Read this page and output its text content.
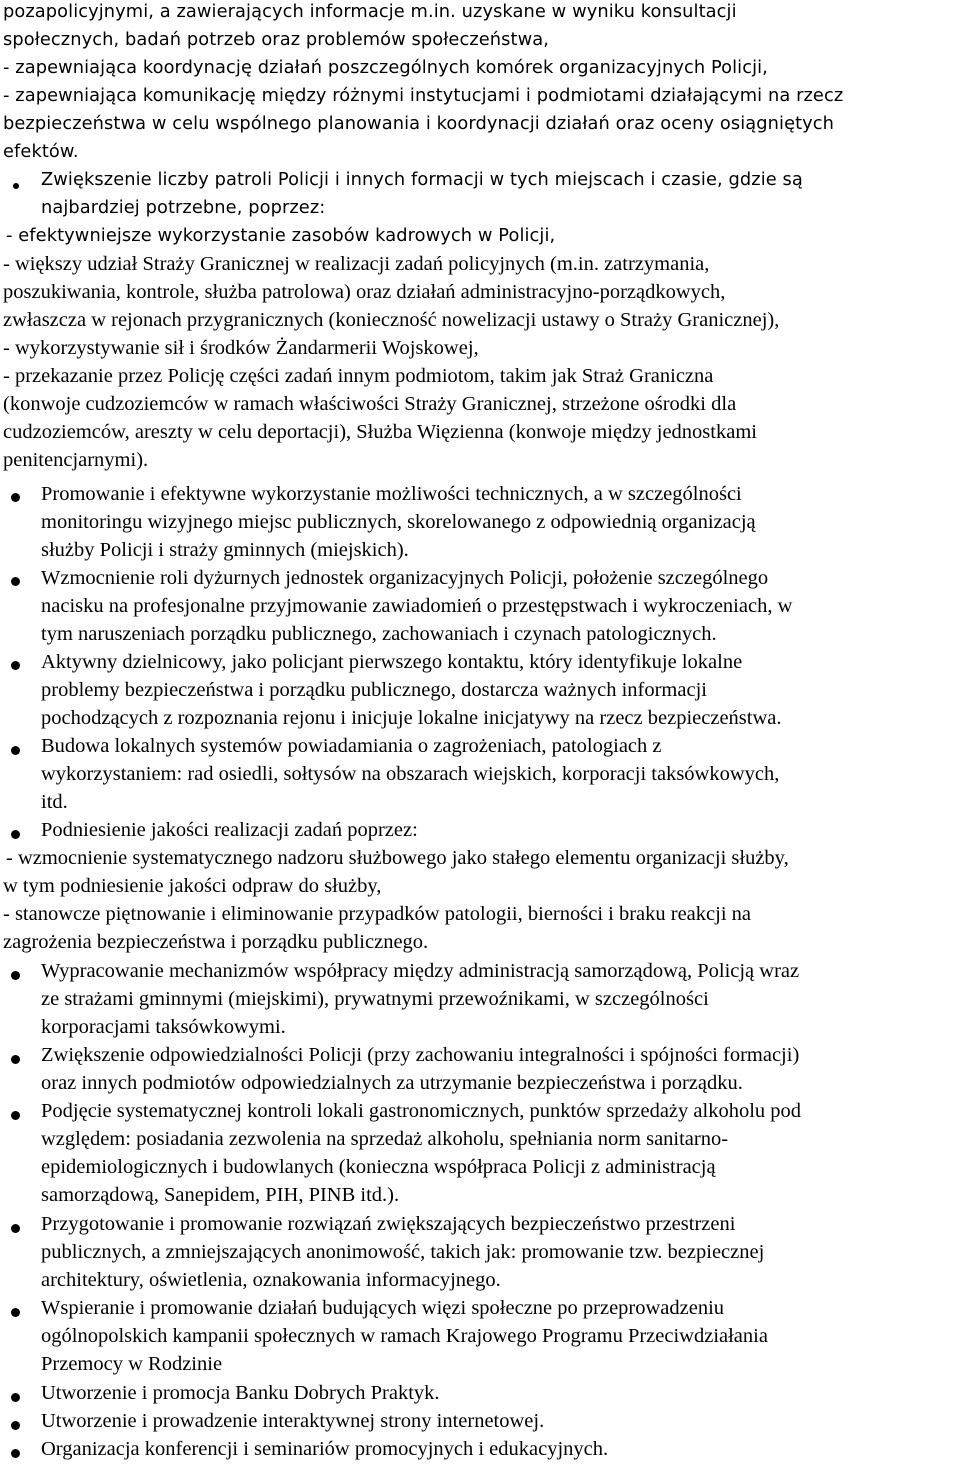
pozapolicyjnymi, a zawierających informacje m.in. uzyskane w wyniku konsultacji
społecznych, badań potrzeb oraz problemów społeczeństwa,
- zapewniająca koordynację działań poszczególnych komórek organizacyjnych Policji,
- zapewniająca komunikację między różnymi instytucjami i podmiotami działającymi na rzecz
bezpieczeństwa w celu wspólnego planowania i koordynacji działań oraz oceny osiągniętych
efektów.
Zwiększenie liczby patroli Policji i innych formacji w tych miejscach i czasie, gdzie są
najbardziej potrzebne, poprzez:
- efektywniejsze wykorzystanie zasobów kadrowych w Policji,
- większy udział Straży Granicznej w realizacji zadań policyjnych (m.in. zatrzymania,
poszukiwania, kontrole, służba patrolowa) oraz działań administracyjno-porządkowych,
zwłaszcza w rejonach przygranicznych (konieczność nowelizacji ustawy o Straży Granicznej),
- wykorzystywanie sił i środków Żandarmerii Wojskowej,
- przekazanie przez Policję części zadań innym podmiotom, takim jak Straż Graniczna
(konwoje cudzoziemców w ramach właściwości Straży Granicznej, strzeżone ośrodki dla
cudzoziemców, areszty w celu deportacji), Służba Więzienna (konwoje między jednostkami
penitencjarnymi).
Promowanie i efektywne wykorzystanie możliwości technicznych, a w szczególności
monitoringu wizyjnego miejsc publicznych, skorelowanego z odpowiednią organizacją
służby Policji i straży gminnych (miejskich).
Wzmocnienie roli dyżurnych jednostek organizacyjnych Policji, położenie szczególnego
nacisku na profesjonalne przyjmowanie zawiadomień o przestępstwach i wykroczeniach, w
tym naruszeniach porządku publicznego, zachowaniach i czynach patologicznych.
Aktywny dzielnicowy, jako policjant pierwszego kontaktu, który identyfikuje lokalne
problemy bezpieczeństwa i porządku publicznego, dostarcza ważnych informacji
pochodzących z rozpoznania rejonu i inicjuje lokalne inicjatywy na rzecz bezpieczeństwa.
Budowa lokalnych systemów powiadamiania o zagrożeniach, patologiach z
wykorzystaniem: rad osiedli, sołtysów na obszarach wiejskich, korporacji taksówkowych,
itd.
Podniesienie jakości realizacji zadań poprzez:
- wzmocnienie systematycznego nadzoru służbowego jako stałego elementu organizacji służby,
w tym podniesienie jakości odpraw do służby,
- stanowcze piętnowanie i eliminowanie przypadków patologii, bierności i braku reakcji na
zagrożenia bezpieczeństwa i porządku publicznego.
Wypracowanie mechanizmów współpracy między administracją samorządową, Policją wraz
ze strażami gminnymi (miejskimi), prywatnymi przewoźnikami, w szczególności
korporacjami taksówkowymi.
Zwiększenie odpowiedzialności Policji (przy zachowaniu integralności i spójności formacji)
oraz innych podmiotów odpowiedzialnych za utrzymanie bezpieczeństwa i porządku.
Podjęcie systematycznej kontroli lokali gastronomicznych, punktów sprzedaży alkoholu pod
względem: posiadania zezwolenia na sprzedaż alkoholu, spełniania norm sanitarno-
epidemiologicznych i budowlanych (konieczna współpraca Policji z administracją
samorządową, Sanepidem, PIH, PINB itd.).
Przygotowanie i promowanie rozwiązań zwiększających bezpieczeństwo przestrzeni
publicznych, a zmniejszających anonimowość, takich jak: promowanie tzw. bezpiecznej
architektury, oświetlenia, oznakowania informacyjnego.
Wspieranie i promowanie działań budujących więzi społeczne po przeprowadzeniu
ogólnopolskich kampanii społecznych w ramach Krajowego Programu Przeciwdziałania
Przemocy w Rodzinie
Utworzenie i promocja Banku Dobrych Praktyk.
Utworzenie i prowadzenie interaktywnej strony internetowej.
Organizacja konferencji i seminariów promocyjnych i edukacyjnych.
